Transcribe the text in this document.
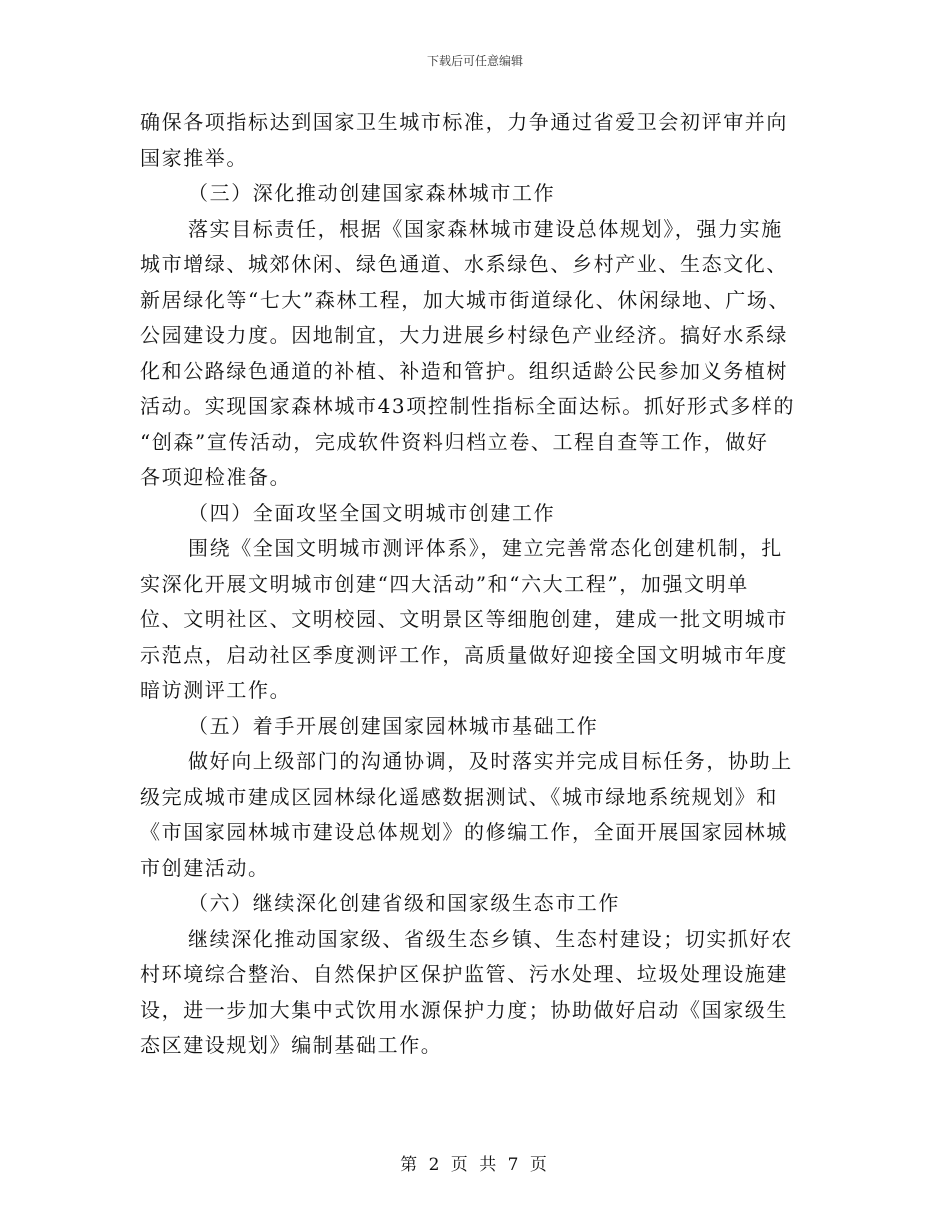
下载后可任意编辑
确保各项指标达到国家卫生城市标准，力争通过省爱卫会初评审并向
国家推举。
（三）深化推动创建国家森林城市工作
落实目标责任，根据《国家森林城市建设总体规划》，强力实施
城市增绿、城郊休闲、绿色通道、水系绿色、乡村产业、生态文化、
新居绿化等“七大”森林工程，加大城市街道绿化、休闲绿地、广场、
公园建设力度。因地制宜，大力进展乡村绿色产业经济。搞好水系绿
化和公路绿色通道的补植、补造和管护。组织适龄公民参加义务植树
活动。实现国家森林城市43项控制性指标全面达标。抓好形式多样的
“创森”宣传活动，完成软件资料归档立卷、工程自查等工作，做好
各项迎检准备。
（四）全面攻坚全国文明城市创建工作
围绕《全国文明城市测评体系》，建立完善常态化创建机制，扎
实深化开展文明城市创建“四大活动”和“六大工程”，加强文明单
位、文明社区、文明校园、文明景区等细胞创建，建成一批文明城市
示范点，启动社区季度测评工作，高质量做好迎接全国文明城市年度
暗访测评工作。
（五）着手开展创建国家园林城市基础工作
做好向上级部门的沟通协调，及时落实并完成目标任务，协助上
级完成城市建成区园林绿化遥感数据测试、《城市绿地系统规划》和
《市国家园林城市建设总体规划》的修编工作，全面开展国家园林城
市创建活动。
（六）继续深化创建省级和国家级生态市工作
继续深化推动国家级、省级生态乡镇、生态村建设；切实抓好农
村环境综合整治、自然保护区保护监管、污水处理、垃圾处理设施建
设，进一步加大集中式饮用水源保护力度；协助做好启动《国家级生
态区建设规划》编制基础工作。
第 2 页 共 7 页
